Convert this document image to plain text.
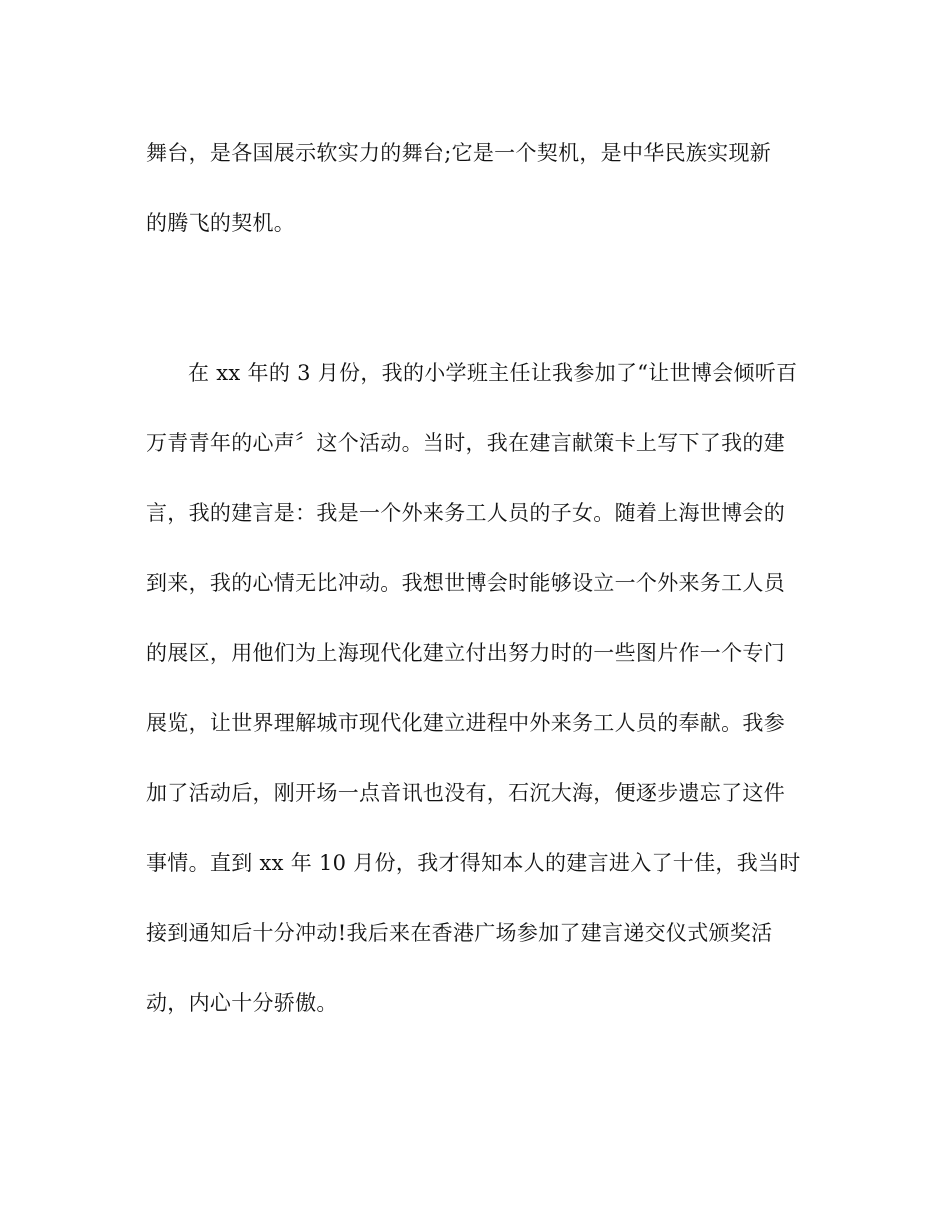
舞台，是各国展示软实力的舞台;它是一个契机，是中华民族实现新
的腾飞的契机。
在 xx 年的 3 月份，我的小学班主任让我参加了“让世博会倾听百
万青青年的心声〞这个活动。当时，我在建言献策卡上写下了我的建
言，我的建言是：我是一个外来务工人员的子女。随着上海世博会的
到来，我的心情无比冲动。我想世博会时能够设立一个外来务工人员
的展区，用他们为上海现代化建立付出努力时的一些图片作一个专门
展览，让世界理解城市现代化建立进程中外来务工人员的奉献。我参
加了活动后，刚开场一点音讯也没有，石沉大海，便逐步遗忘了这件
事情。直到 xx 年 10 月份，我才得知本人的建言进入了十佳，我当时
接到通知后十分冲动!我后来在香港广场参加了建言递交仪式颁奖活
动，内心十分骄傲。
